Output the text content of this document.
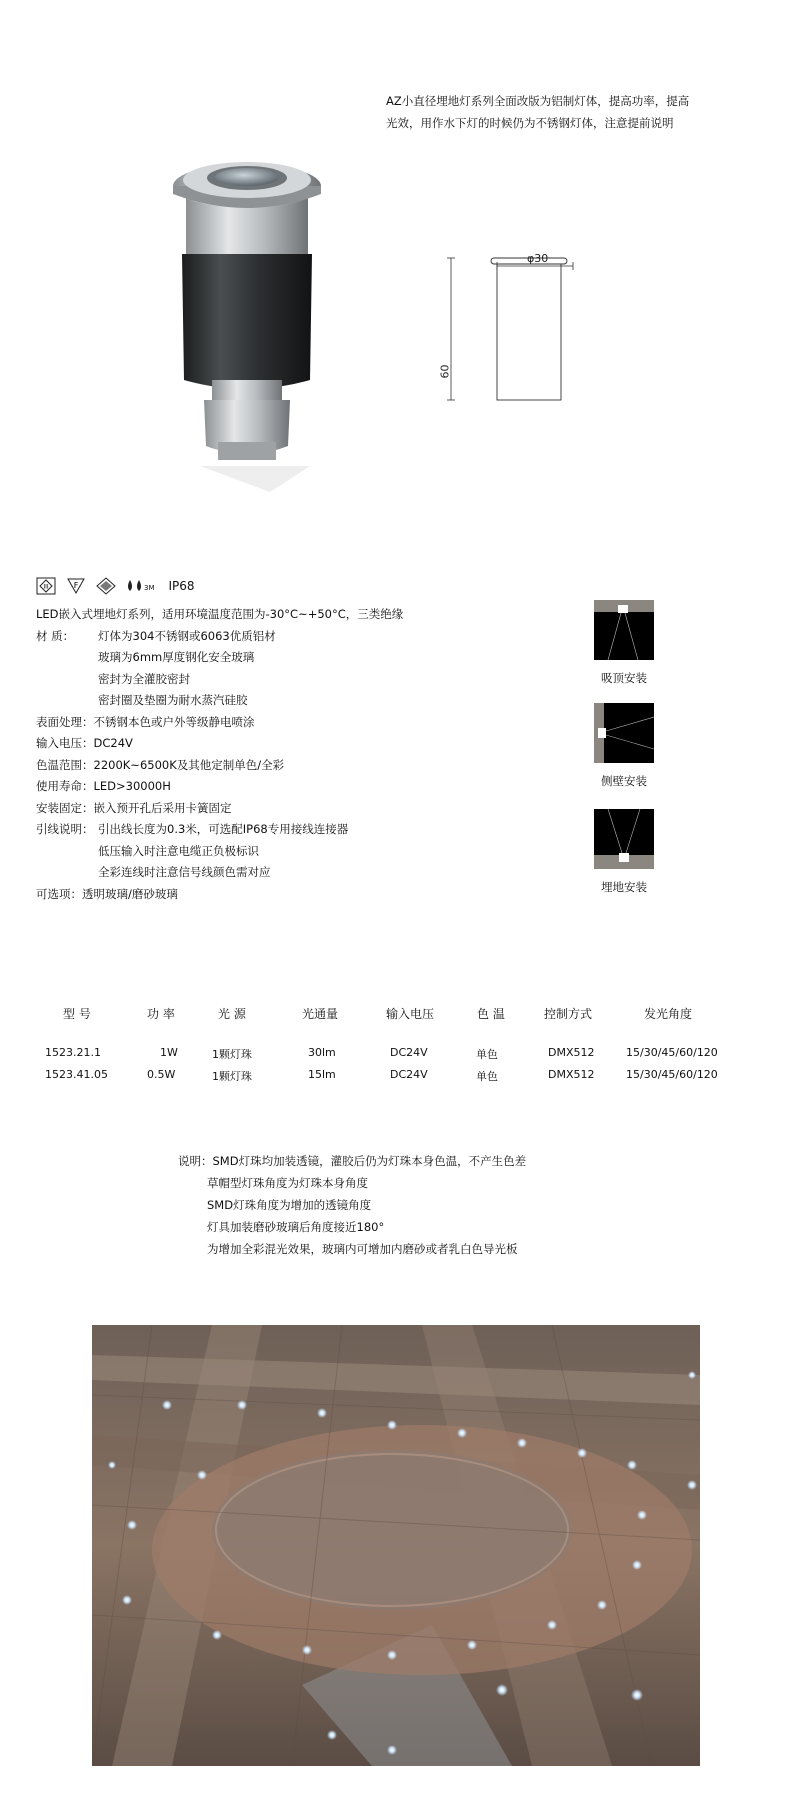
AZ小直径埋地灯系列全面改版为铝制灯体，提高功率，提高
光效，用作水下灯的时候仍为不锈钢灯体，注意提前说明
φ30
60
III	F	3M IP68
LED嵌入式埋地灯系列，适用环境温度范围为-30°C~+50°C，三类绝缘
材 质：	灯体为304不锈钢或6063优质铝材
玻璃为6mm厚度钢化安全玻璃
密封为全灌胶密封
密封圈及垫圈为耐水蒸汽硅胶
表面处理：不锈钢本色或户外等级静电喷涂
输入电压：DC24V
色温范围：2200K~6500K及其他定制单色/全彩
使用寿命：LED>30000H
安装固定：嵌入预开孔后采用卡簧固定
引线说明： 引出线长度为0.3米，可选配IP68专用接线连接器
低压输入时注意电缆正负极标识
全彩连线时注意信号线颜色需对应
可选项：透明玻璃/磨砂玻璃
吸顶安装
侧壁安装
埋地安装
型 号	功 率	光 源	光通量	输入电压	色 温	控制方式	发光角度
1523.21.1	1W	1颗灯珠	30lm	DC24V	单色	DMX512	15/30/45/60/120
1523.41.05	0.5W	1颗灯珠	15lm	DC24V	单色	DMX512	15/30/45/60/120
说明：SMD灯珠均加装透镜，灌胶后仍为灯珠本身色温，不产生色差
草帽型灯珠角度为灯珠本身角度
SMD灯珠角度为增加的透镜角度
灯具加装磨砂玻璃后角度接近180°
为增加全彩混光效果，玻璃内可增加内磨砂或者乳白色导光板
